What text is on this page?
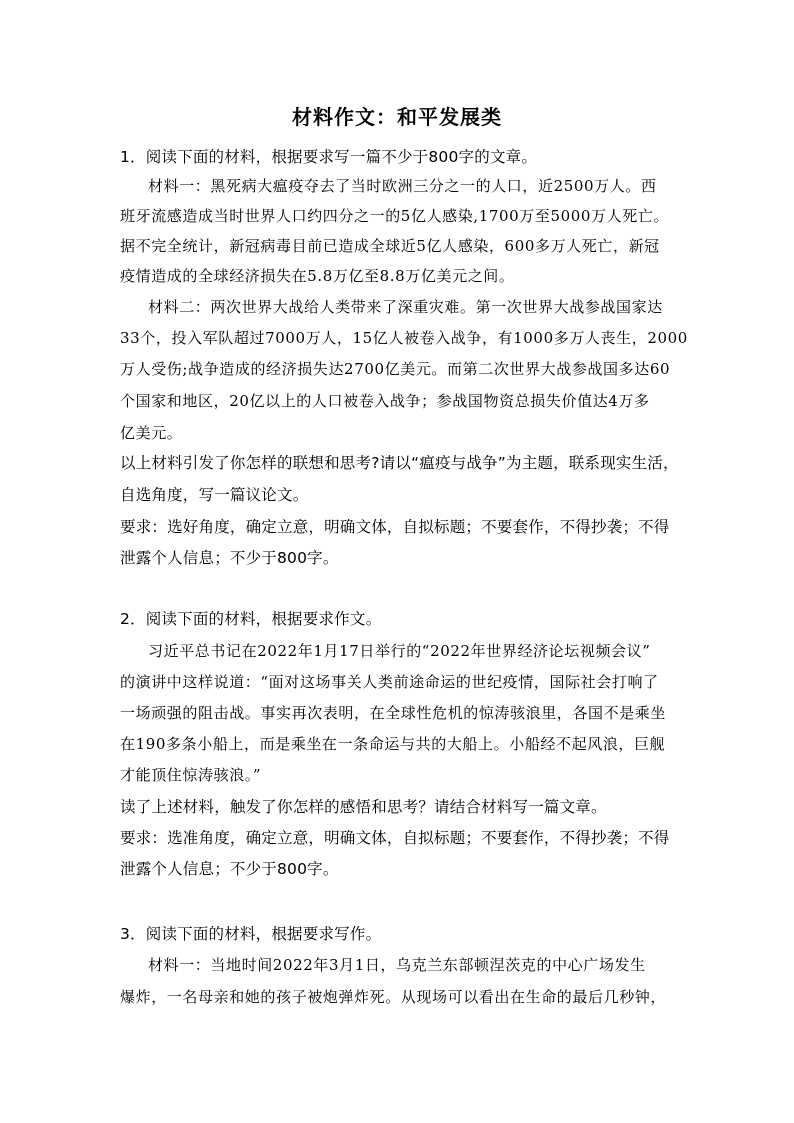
材料作文：和平发展类
1．阅读下面的材料，根据要求写一篇不少于800字的文章。
材料一：黑死病大瘟疫夺去了当时欧洲三分之一的人口，近2500万人。西
班牙流感造成当时世界人口约四分之一的5亿人感染,1700万至5000万人死亡。
据不完全统计，新冠病毒目前已造成全球近5亿人感染，600多万人死亡，新冠
疫情造成的全球经济损失在5.8万亿至8.8万亿美元之间。
材料二：两次世界大战给人类带来了深重灾难。第一次世界大战参战国家达
33个，投入军队超过7000万人，15亿人被卷入战争，有1000多万人丧生，2000
万人受伤;战争造成的经济损失达2700亿美元。而第二次世界大战参战国多达60
个国家和地区，20亿以上的人口被卷入战争；参战国物资总损失价值达4万多
亿美元。
以上材料引发了你怎样的联想和思考?请以“瘟疫与战争”为主题，联系现实生活，
自选角度，写一篇议论文。
要求：选好角度，确定立意，明确文体，自拟标题；不要套作，不得抄袭；不得
泄露个人信息；不少于800字。
2．阅读下面的材料，根据要求作文。
习近平总书记在2022年1月17日举行的“2022年世界经济论坛视频会议”
的演讲中这样说道：“面对这场事关人类前途命运的世纪疫情，国际社会打响了
一场顽强的阻击战。事实再次表明，在全球性危机的惊涛骇浪里，各国不是乘坐
在190多条小船上，而是乘坐在一条命运与共的大船上。小船经不起风浪，巨舰
才能顶住惊涛骇浪。”
读了上述材料，触发了你怎样的感悟和思考？请结合材料写一篇文章。
要求：选准角度，确定立意，明确文体，自拟标题；不要套作，不得抄袭；不得
泄露个人信息；不少于800字。
3．阅读下面的材料，根据要求写作。
材料一：当地时间2022年3月1日，乌克兰东部顿涅茨克的中心广场发生
爆炸，一名母亲和她的孩子被炮弹炸死。从现场可以看出在生命的最后几秒钟，
